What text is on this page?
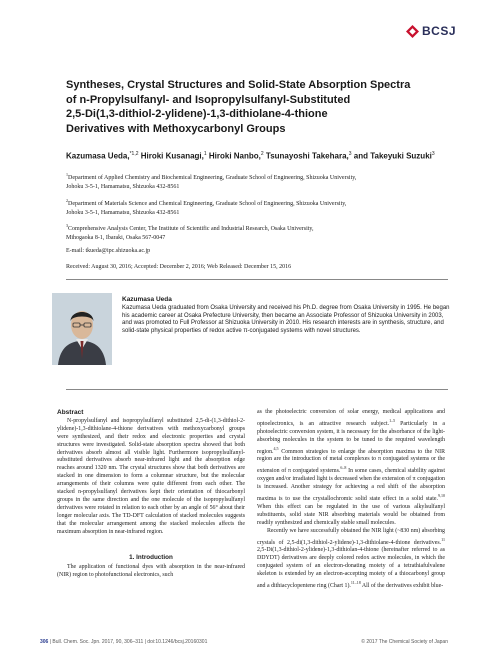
BCSJ
Syntheses, Crystal Structures and Solid-State Absorption Spectra
of n-Propylsulfanyl- and Isopropylsulfanyl-Substituted
2,5-Di(1,3-dithiol-2-ylidene)-1,3-dithiolane-4-thione
Derivatives with Methoxycarbonyl Groups
Kazumasa Ueda,$^{*1,2}$ Hiroki Kusanagi,$^1$ Hiroki Nanbo,$^2$ Tsunayoshi Takehara,$^3$ and Takeyuki Suzuki$^3$
$^1$Department of Applied Chemistry and Biochemical Engineering, Graduate School of Engineering, Shizuoka University,
Johoku 3-5-1, Hamamatsu, Shizuoka 432-8561
$^2$Department of Materials Science and Chemical Engineering, Graduate School of Engineering, Shizuoka University,
Johoku 3-5-1, Hamamatsu, Shizuoka 432-8561
$^3$Comprehensive Analysis Center, The Institute of Scientific and Industrial Research, Osaka University,
Mihogaoka 8-1, Ibaraki, Osaka 567-0047
E-mail: tkueda@ipc.shizuoka.ac.jp
Received: August 30, 2016; Accepted: December 2, 2016; Web Released: December 15, 2016
Kazumasa Ueda
Kazumasa Ueda graduated from Osaka University and received his Ph.D. degree from Osaka University in 1995. He began his academic career at Osaka Prefecture University, then became an Associate Professor of Shizuoka University in 2003, and was promoted to Full Professor at Shizuoka University in 2010. His research interests are in synthesis, structure, and solid-state physical properties of redox active π-conjugated systems with novel structures.
Abstract
N-propylsulfanyl and isopropylsulfanyl substituted 2,5-di-(1,3-dithiol-2-ylidene)-1,3-dithiolane-4-thione derivatives with methoxycarbonyl groups were synthesized, and their redox and electronic properties and crystal structures were investigated. Solid-state absorption spectra showed that both derivatives absorb almost all visible light. Furthermore isopropylsulfanyl-substituted derivatives absorb near-infrared light and the absorption edge reaches around 1320 nm. The crystal structures show that both derivatives are stacked in one dimension to form a columnar structure, but the molecular arrangements of their columns were quite different from each other. The stacked n-propylsulfanyl derivatives kept their orientation of thiocarbonyl groups in the same direction and the one molecule of the isopropylsulfanyl derivatives were rotated in relation to each other by an angle of 56° about their longer molecular axis. The TD-DFT calculation of stacked molecules suggests that the molecular arrangement among the stacked molecules affects the maximum absorption in near-infrared region.
1. Introduction
The application of functional dyes with absorption in the near-infrared (NIR) region to photofunctional electronics, such
as the photoelectric conversion of solar energy, medical applications and optoelectronics, is an attractive research subject.$^{1-5}$ Particularly in a photoelectric conversion system, it is necessary for the absorbance of the light-absorbing molecules in the system to be tuned to the required wavelength region.$^{4,5}$ Common strategies to enlarge the absorption maxima to the NIR region are the introduction of metal complexes to π conjugated systems or the extension of π conjugated systems.$^{6-8}$ In some cases, chemical stability against oxygen and/or irradiated light is decreased when the extension of π conjugation is increased. Another strategy for achieving a red shift of the absorption maxima is to use the crystallochromic solid state effect in a solid state.$^{9,10}$ When this effect can be regulated in the use of various alkylsulfanyl substituents, solid state NIR absorbing materials would be obtained from readily synthesized and chemically stable small molecules.
Recently we have successfully obtained the NIR light (~830 nm) absorbing crystals of 2,5-di(1,3-dithiol-2-ylidene)-1,3-dithiolane-4-thione derivatives.$^{11}$ 2,5-Di(1,3-dithiol-2-ylidene)-1,3-dithiolan-4-thione (hereinafter referred to as DDYDT) derivatives are deeply colored redox active molecules, in which the conjugated system of an electron-donating moiety of a tetrathiafulvalene skeleton is extended by an electron-accepting moiety of a thiocarbonyl group and a dithiacyclopentene ring (Chart 1).$^{11-18}$ All of the derivatives exhibit blue-
306 | Bull. Chem. Soc. Jpn. 2017, 90, 306–311 | doi:10.1246/bcsj.20160301	© 2017 The Chemical Society of Japan
